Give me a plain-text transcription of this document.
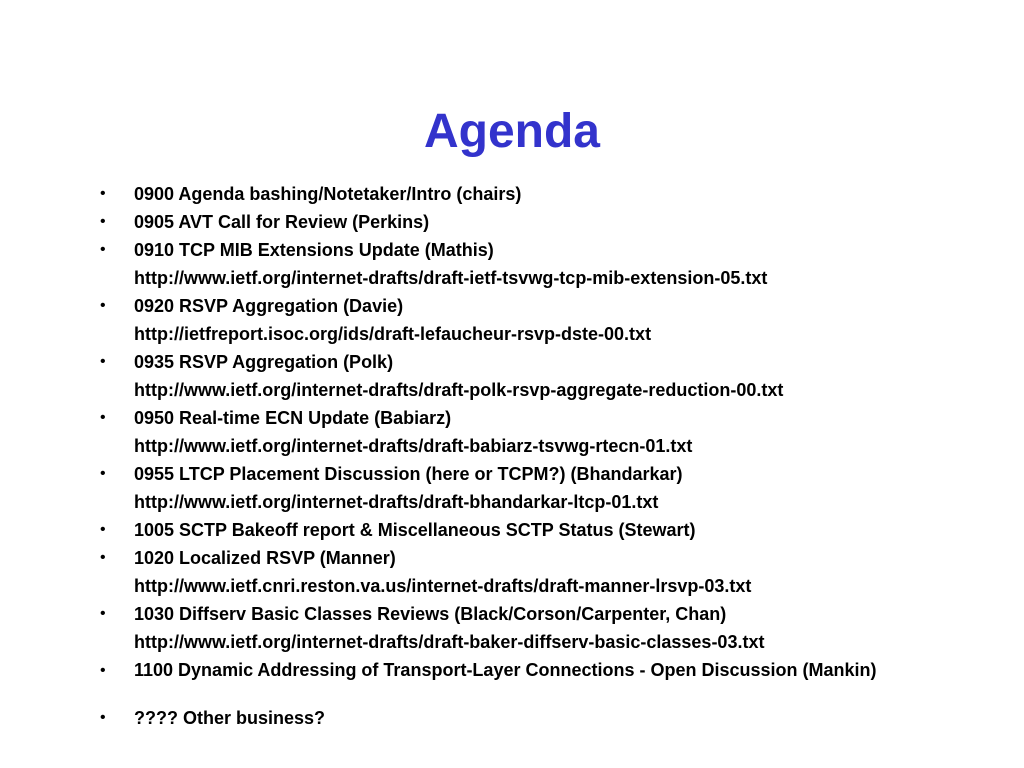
Agenda
• 0900 Agenda bashing/Notetaker/Intro (chairs)
• 0905 AVT Call for Review (Perkins)
• 0910 TCP MIB Extensions Update (Mathis)
http://www.ietf.org/internet-drafts/draft-ietf-tsvwg-tcp-mib-extension-05.txt
• 0920 RSVP Aggregation (Davie)
http://ietfreport.isoc.org/ids/draft-lefaucheur-rsvp-dste-00.txt
• 0935 RSVP Aggregation (Polk)
http://www.ietf.org/internet-drafts/draft-polk-rsvp-aggregate-reduction-00.txt
• 0950 Real-time ECN Update (Babiarz)
http://www.ietf.org/internet-drafts/draft-babiarz-tsvwg-rtecn-01.txt
• 0955 LTCP Placement Discussion (here or TCPM?) (Bhandarkar)
http://www.ietf.org/internet-drafts/draft-bhandarkar-ltcp-01.txt
• 1005 SCTP Bakeoff report & Miscellaneous SCTP Status (Stewart)
• 1020 Localized RSVP (Manner)
http://www.ietf.cnri.reston.va.us/internet-drafts/draft-manner-lrsvp-03.txt
• 1030 Diffserv Basic Classes Reviews (Black/Corson/Carpenter, Chan)
http://www.ietf.org/internet-drafts/draft-baker-diffserv-basic-classes-03.txt
• 1100 Dynamic Addressing of Transport-Layer Connections - Open Discussion (Mankin)
• ???? Other business?
